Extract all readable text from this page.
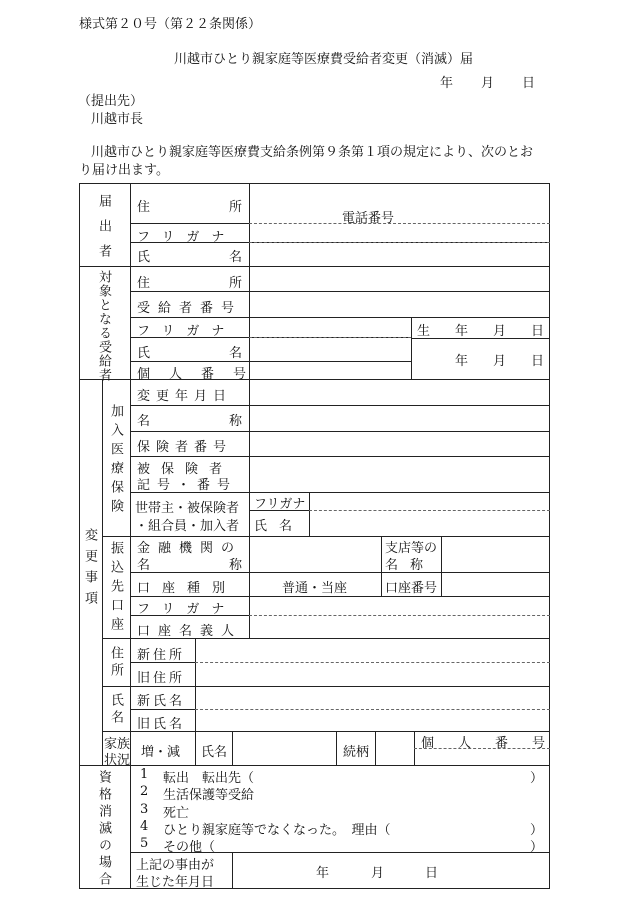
様式第２０号（第２２条関係）
川越市ひとり親家庭等医療費受給者変更（消滅）届
年 月 日
（提出先）
川越市長
川越市ひとり親家庭等医療費支給条例第９条第１項の規定により、次のとお
り届け出ます。
届出者 住	所
電話番号
フリガナ
氏	名
対象となる受給者 住	所
受給者番号
フリガナ
氏	名
個人番号
生 年 月 日
年 月 日
変更事項
加入医療保険
変更年月日
名	称
保険者番号
被保険者
記号・番号
世帯主・被保険者
・組合員・加入者
フリガナ
氏名
振込先口座 金融機関の
名	称
支店等の
名称
口座種別	普通・当座	口座番号
フリガナ
口座名義人
住所 新住所
旧住所
氏名 新氏名
旧氏名
家族
状況
増・減 氏名	続柄
個 人 番 号
資格消滅の場合 1 転出　転出先（	）
2 生活保護等受給
3 死亡
4 ひとり親家庭等でなくなった。　理由（	）
5 その他（	）
上記の事由が
生じた年月日
年	月	日
